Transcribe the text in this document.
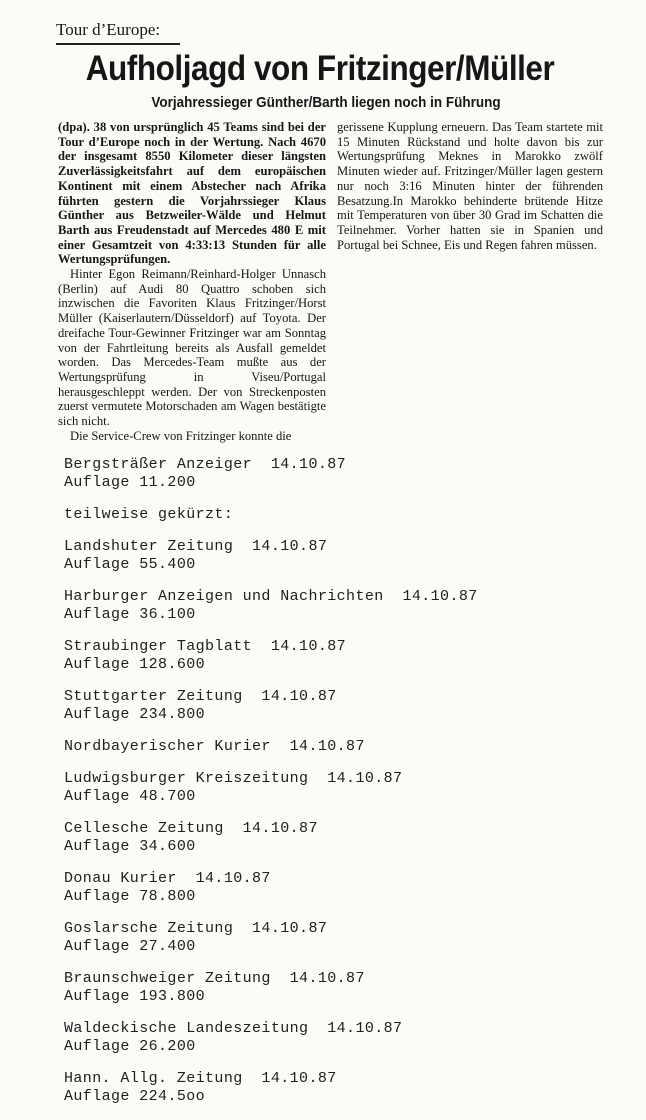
Tour d’Europe:
Aufholjagd von Fritzinger/Müller
Vorjahressieger Günther/Barth liegen noch in Führung

(dpa). 38 von ursprünglich 45 Teams sind bei der Tour d’Europe noch in der Wertung. Nach 4670 der insgesamt 8550 Kilometer dieser längsten Zuverlässigkeitsfahrt auf dem europäischen Kontinent mit einem Abstecher nach Afrika führten gestern die Vorjahrssieger Klaus Günther aus Betzweiler-Wälde und Helmut Barth aus Freudenstadt auf Mercedes 480 E mit einer Gesamtzeit von 4:33:13 Stunden für alle Wertungsprüfungen.

Hinter Egon Reimann/Reinhard-Holger Unnasch (Berlin) auf Audi 80 Quattro schoben sich inzwischen die Favoriten Klaus Fritzinger/Horst Müller (Kaiserlautern/Düsseldorf) auf Toyota. Der dreifache Tour-Gewinner Fritzinger war am Sonntag von der Fahrtleitung bereits als Ausfall gemeldet worden. Das Mercedes-Team mußte aus der Wertungsprüfung in Viseu/Portugal herausgeschleppt werden. Der von Streckenposten zuerst vermutete Motorschaden am Wagen bestätigte sich nicht.

Die Service-Crew von Fritzinger konnte die

gerissene Kupplung erneuern. Das Team startete mit 15 Minuten Rückstand und holte davon bis zur Wertungsprüfung Meknes in Marokko zwölf Minuten wieder auf. Fritzinger/Müller lagen gestern nur noch 3:16 Minuten hinter der führenden Besatzung.In Marokko behinderte brütende Hitze mit Temperaturen von über 30 Grad im Schatten die Teilnehmer. Vorher hatten sie in Spanien und Portugal bei Schnee, Eis und Regen fahren müssen.

Bergsträßer Anzeiger  14.10.87
Auflage 11.200
teilweise gekürzt:
Landshuter Zeitung  14.10.87
Auflage 55.400
Harburger Anzeigen und Nachrichten  14.10.87
Auflage 36.100
Straubinger Tagblatt  14.10.87
Auflage 128.600
Stuttgarter Zeitung  14.10.87
Auflage 234.800
Nordbayerischer Kurier  14.10.87
Ludwigsburger Kreiszeitung  14.10.87
Auflage 48.700
Cellesche Zeitung  14.10.87
Auflage 34.600
Donau Kurier  14.10.87
Auflage 78.800
Goslarsche Zeitung  14.10.87
Auflage 27.400
Braunschweiger Zeitung  14.10.87
Auflage 193.800
Waldeckische Landeszeitung  14.10.87
Auflage 26.200
Hann. Allg. Zeitung  14.10.87
Auflage 224.5oo
